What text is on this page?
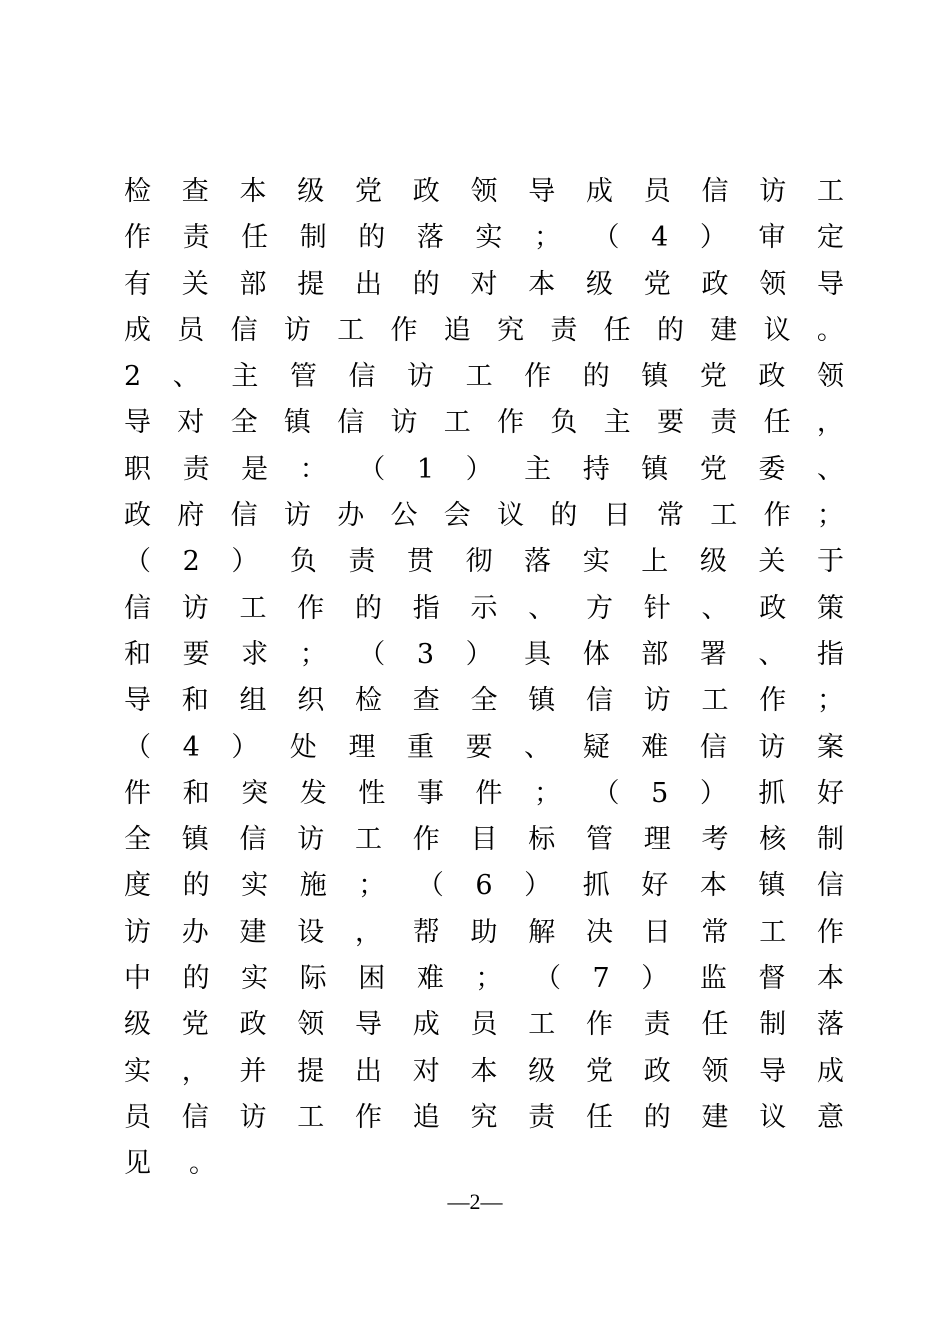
检 查 本 级 党 政 领 导 成 员 信 访 工
作 责 任 制 的 落 实 ； （ 4 ） 审 定
有 关 部 提 出 的 对 本 级 党 政 领 导
成 员 信 访 工 作 追 究 责 任 的 建 议 。
2 、 主 管 信 访 工 作 的 镇 党 政 领
导 对 全 镇 信 访 工 作 负 主 要 责 任 ，
职 责 是 ： （ 1 ） 主 持 镇 党 委 、
政 府 信 访 办 公 会 议 的 日 常 工 作 ；
（ 2 ） 负 责 贯 彻 落 实 上 级 关 于
信 访 工 作 的 指 示 、 方 针 、 政 策
和 要 求 ； （ 3 ） 具 体 部 署 、 指
导 和 组 织 检 查 全 镇 信 访 工 作 ；
（ 4 ） 处 理 重 要 、 疑 难 信 访 案
件 和 突 发 性 事 件 ； （ 5 ） 抓 好
全 镇 信 访 工 作 目 标 管 理 考 核 制
度 的 实 施 ； （ 6 ） 抓 好 本 镇 信
访 办 建 设 ， 帮 助 解 决 日 常 工 作
中 的 实 际 困 难 ； （ 7 ） 监 督 本
级 党 政 领 导 成 员 工 作 责 任 制 落
实 ， 并 提 出 对 本 级 党 政 领 导 成
员 信 访 工 作 追 究 责 任 的 建 议 意
见 。
—2—
